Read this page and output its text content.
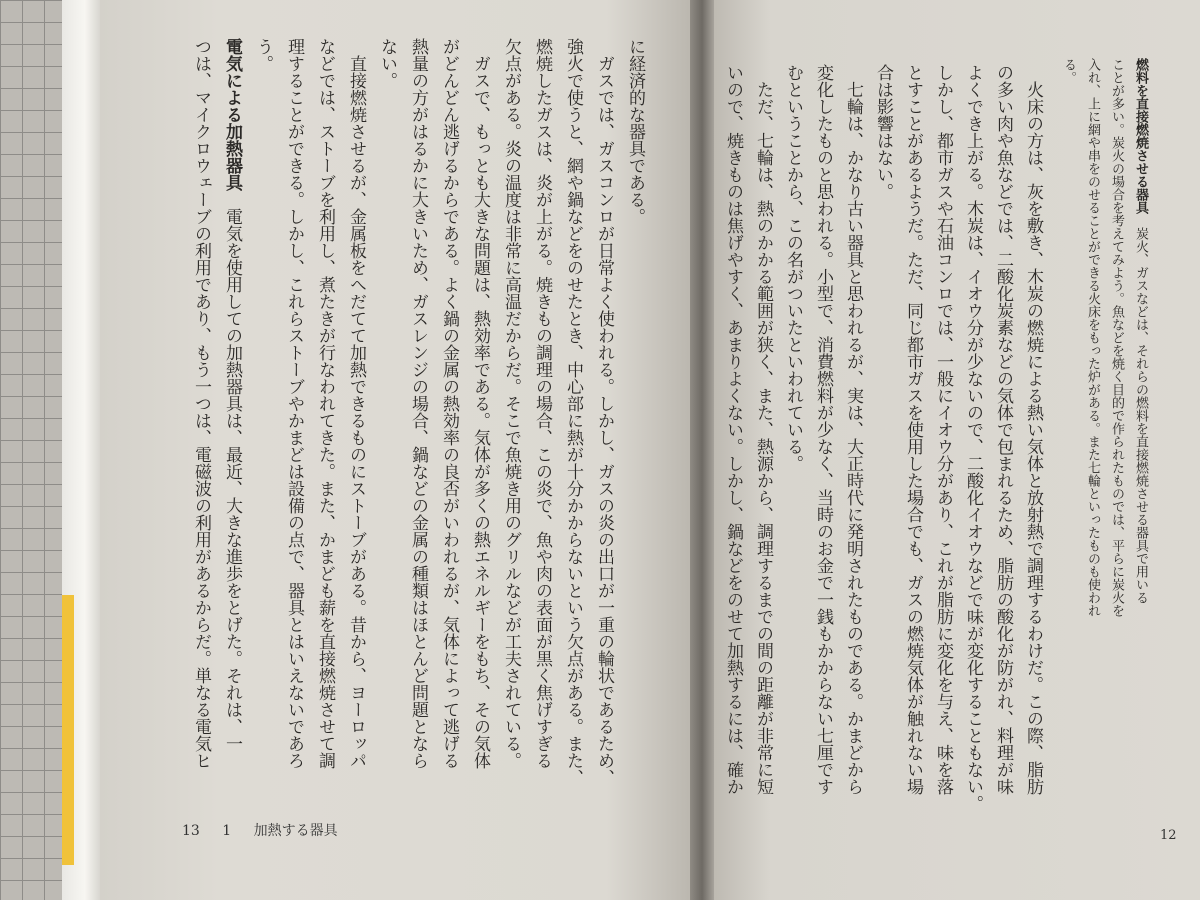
燃料を直接燃焼させる器具　炭火、ガスなどは、それらの燃料を直接燃焼させる器具で用いる
ことが多い。炭火の場合を考えてみよう。魚などを焼く目的で作られたものでは、平らに炭火を
入れ、上に網や串をのせることができる火床をもった炉がある。また七輪といったものも使われ
る。
　火床の方は、灰を敷き、木炭の燃焼による熱い気体と放射熱で調理するわけだ。この際、脂肪
の多い肉や魚などでは、二酸化炭素などの気体で包まれるため、脂肪の酸化が防がれ、料理が味
よくでき上がる。木炭は、イオウ分が少ないので、二酸化イオウなどで味が変化することもない。
しかし、都市ガスや石油コンロでは、一般にイオウ分があり、これが脂肪に変化を与え、味を落
とすことがあるようだ。ただ、同じ都市ガスを使用した場合でも、ガスの燃焼気体が触れない場
合は影響はない。
　七輪は、かなり古い器具と思われるが、実は、大正時代に発明されたものである。かまどから
変化したものと思われる。小型で、消費燃料が少なく、当時のお金で一銭もかからない七厘です
むということから、この名がついたといわれている。
　ただ、七輪は、熱のかかる範囲が狭く、また、熱源から、調理するまでの間の距離が非常に短
いので、焼きものは焦げやすく、あまりよくない。しかし、鍋などをのせて加熱するには、確か
12
に経済的な器具である。
　ガスでは、ガスコンロが日常よく使われる。しかし、ガスの炎の出口が一重の輪状であるため、
強火で使うと、網や鍋などをのせたとき、中心部に熱が十分かからないという欠点がある。また、
燃焼したガスは、炎が上がる。焼きもの調理の場合、この炎で、魚や肉の表面が黒く焦げすぎる
欠点がある。炎の温度は非常に高温だからだ。そこで魚焼き用のグリルなどが工夫されている。
　ガスで、もっとも大きな問題は、熱効率である。気体が多くの熱エネルギーをもち、その気体
がどんどん逃げるからである。よく鍋の金属の熱効率の良否がいわれるが、気体によって逃げる
熱量の方がはるかに大きいため、ガスレンジの場合、鍋などの金属の種類はほとんど問題となら
ない。
　直接燃焼させるが、金属板をへだてて加熱できるものにストーブがある。昔から、ヨーロッパ
などでは、ストーブを利用し、煮たきが行なわれてきた。また、かまども薪を直接燃焼させて調
理することができる。しかし、これらストーブやかまどは設備の点で、器具とはいえないであろ
う。
電気による加熱器具　電気を使用しての加熱器具は、最近、大きな進歩をとげた。それは、一
つは、マイクロウェーブの利用であり、もう一つは、電磁波の利用があるからだ。単なる電気ヒ
13 1 加熱する器具
